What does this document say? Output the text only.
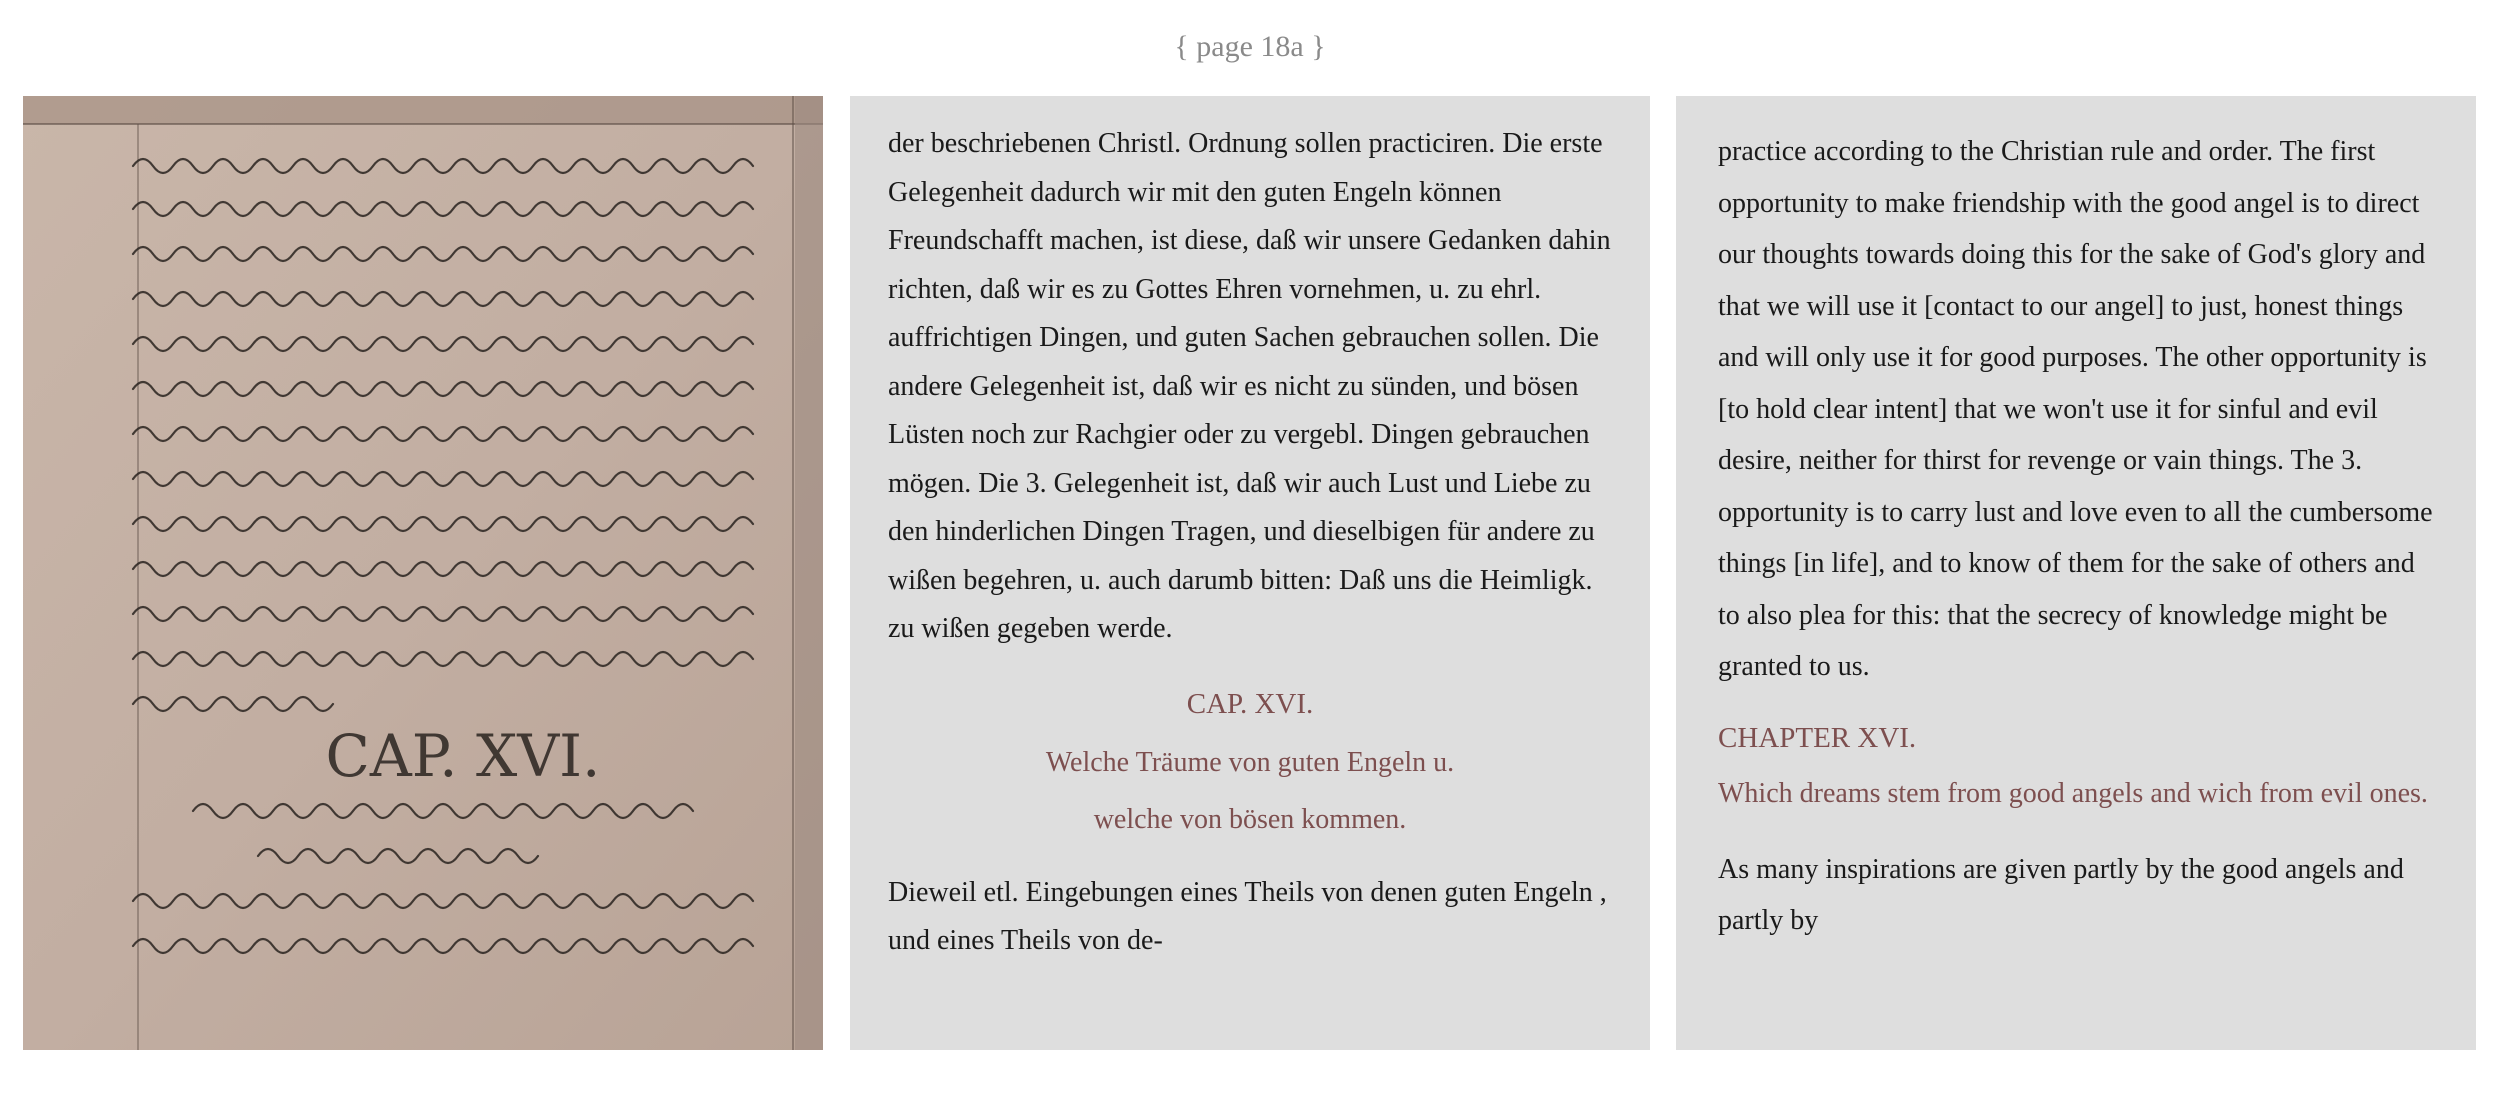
{ page 18a }
CAP. XVI.

der beschriebenen Christl. Ordnung sollen practiciren. Die erste Gelegenheit dadurch wir mit den guten Engeln können Freundschafft machen, ist diese, daß wir unsere Gedanken dahin richten, daß wir es zu Gottes Ehren vornehmen, u. zu ehrl. auffrichtigen Dingen, und guten Sachen gebrauchen sollen. Die andere Gelegenheit ist, daß wir es nicht zu sünden, und bösen Lüsten noch zur Rachgier oder zu vergebl. Dingen gebrauchen mögen. Die 3. Gelegenheit ist, daß wir auch Lust und Liebe zu den hinderlichen Dingen Tragen, und dieselbigen für andere zu wißen begehren, u. auch darumb bitten: Daß uns die Heimligk. zu wißen gegeben werde.

CAP. XVI.

Welche Träume von guten Engeln u.

welche von bösen kommen.

Dieweil etl. Eingebungen eines Theils von denen guten Engeln , und eines Theils von de-

practice according to the Christian rule and order. The first opportunity to make friendship with the good angel is to direct our thoughts towards doing this for the sake of God's glory and that we will use it [contact to our angel] to just, honest things and will only use it for good purposes. The other opportunity is [to hold clear intent] that we won't use it for sinful and evil desire, neither for thirst for revenge or vain things. The 3. opportunity is to carry lust and love even to all the cumbersome things [in life], and to know of them for the sake of others and to also plea for this: that the secrecy of knowledge might be granted to us.

CHAPTER XVI.

Which dreams stem from good angels and wich from evil ones.

As many inspirations are given partly by the good angels and partly by
